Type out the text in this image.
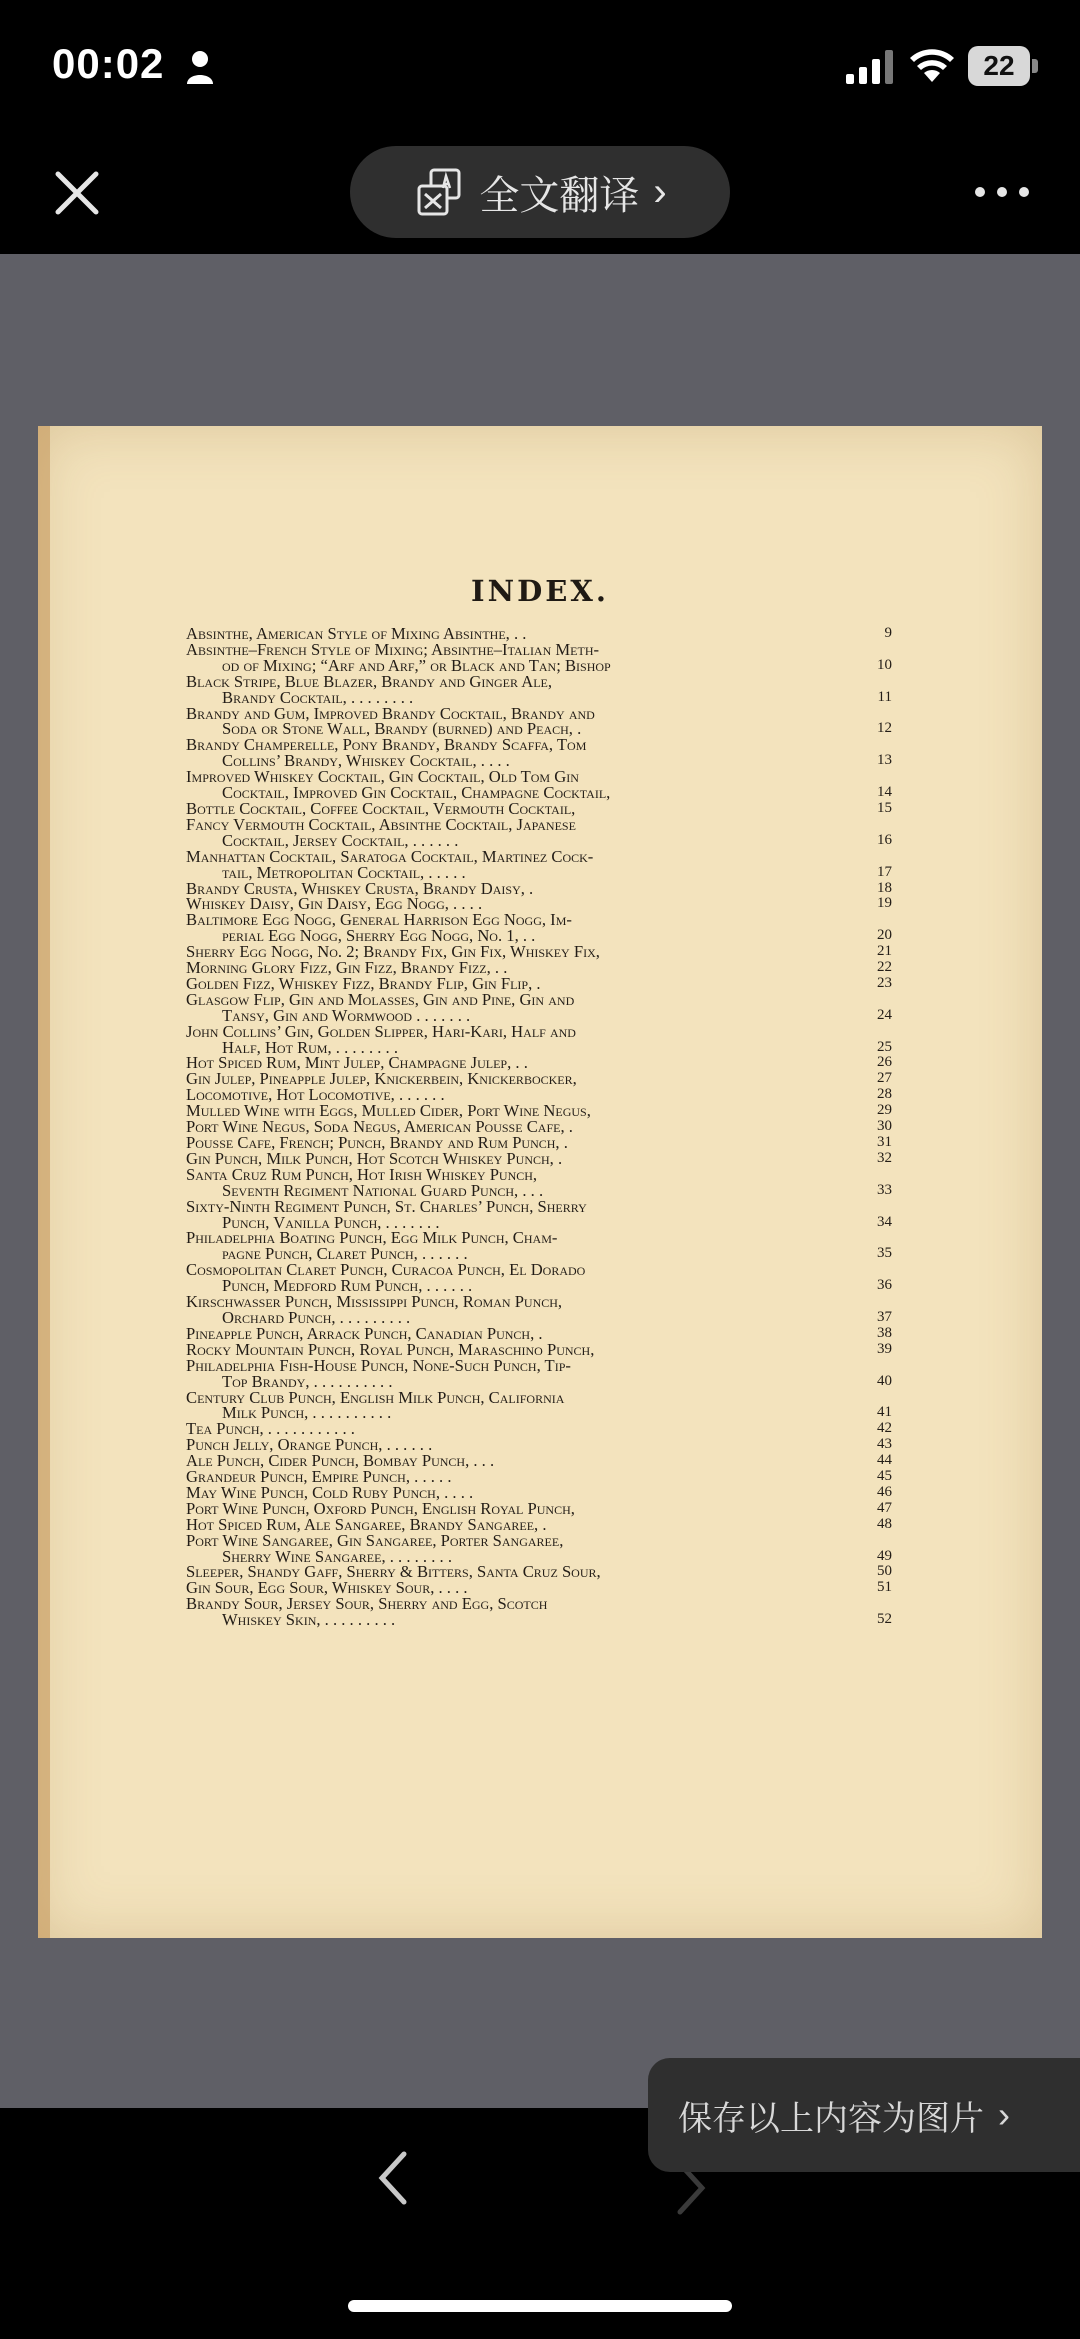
00:02	22
全文翻译 ›
INDEX.
Absinthe, American Style of Mixing Absinthe, . .	9
Absinthe–French Style of Mixing; Absinthe–Italian Meth-
od of Mixing; “Arf and Arf,” or Black and Tan; Bishop	10
Black Stripe, Blue Blazer, Brandy and Ginger Ale,
Brandy Cocktail, . . . . . . . .	11
Brandy and Gum, Improved Brandy Cocktail, Brandy and
Soda or Stone Wall, Brandy (burned) and Peach, .	12
Brandy Champerelle, Pony Brandy, Brandy Scaffa, Tom
Collins’ Brandy, Whiskey Cocktail, . . . .	13
Improved Whiskey Cocktail, Gin Cocktail, Old Tom Gin
Cocktail, Improved Gin Cocktail, Champagne Cocktail,	14
Bottle Cocktail, Coffee Cocktail, Vermouth Cocktail,	15
Fancy Vermouth Cocktail, Absinthe Cocktail, Japanese
Cocktail, Jersey Cocktail, . . . . . .	16
Manhattan Cocktail, Saratoga Cocktail, Martinez Cock-
tail, Metropolitan Cocktail, . . . . .	17
Brandy Crusta, Whiskey Crusta, Brandy Daisy, .	18
Whiskey Daisy, Gin Daisy, Egg Nogg, . . . .	19
Baltimore Egg Nogg, General Harrison Egg Nogg, Im-
perial Egg Nogg, Sherry Egg Nogg, No. 1, . .	20
Sherry Egg Nogg, No. 2; Brandy Fix, Gin Fix, Whiskey Fix,	21
Morning Glory Fizz, Gin Fizz, Brandy Fizz, . .	22
Golden Fizz, Whiskey Fizz, Brandy Flip, Gin Flip, .	23
Glasgow Flip, Gin and Molasses, Gin and Pine, Gin and
Tansy, Gin and Wormwood . . . . . . .	24
John Collins’ Gin, Golden Slipper, Hari-Kari, Half and
Half, Hot Rum, . . . . . . . .	25
Hot Spiced Rum, Mint Julep, Champagne Julep, . .	26
Gin Julep, Pineapple Julep, Knickerbein, Knickerbocker,	27
Locomotive, Hot Locomotive, . . . . . .	28
Mulled Wine with Eggs, Mulled Cider, Port Wine Negus,	29
Port Wine Negus, Soda Negus, American Pousse Cafe, .	30
Pousse Cafe, French; Punch, Brandy and Rum Punch, .	31
Gin Punch, Milk Punch, Hot Scotch Whiskey Punch, .	32
Santa Cruz Rum Punch, Hot Irish Whiskey Punch,
Seventh Regiment National Guard Punch, . . .	33
Sixty-Ninth Regiment Punch, St. Charles’ Punch, Sherry
Punch, Vanilla Punch, . . . . . . .	34
Philadelphia Boating Punch, Egg Milk Punch, Cham-
pagne Punch, Claret Punch, . . . . . .	35
Cosmopolitan Claret Punch, Curacoa Punch, El Dorado
Punch, Medford Rum Punch, . . . . . .	36
Kirschwasser Punch, Mississippi Punch, Roman Punch,
Orchard Punch, . . . . . . . . .	37
Pineapple Punch, Arrack Punch, Canadian Punch, .	38
Rocky Mountain Punch, Royal Punch, Maraschino Punch,	39
Philadelphia Fish-House Punch, None-Such Punch, Tip-
Top Brandy, . . . . . . . . . .	40
Century Club Punch, English Milk Punch, California
Milk Punch, . . . . . . . . . .	41
Tea Punch, . . . . . . . . . . .	42
Punch Jelly, Orange Punch, . . . . . .	43
Ale Punch, Cider Punch, Bombay Punch, . . .	44
Grandeur Punch, Empire Punch, . . . . .	45
May Wine Punch, Cold Ruby Punch, . . . .	46
Port Wine Punch, Oxford Punch, English Royal Punch,	47
Hot Spiced Rum, Ale Sangaree, Brandy Sangaree, .	48
Port Wine Sangaree, Gin Sangaree, Porter Sangaree,
Sherry Wine Sangaree, . . . . . . . .	49
Sleeper, Shandy Gaff, Sherry & Bitters, Santa Cruz Sour,	50
Gin Sour, Egg Sour, Whiskey Sour, . . . .	51
Brandy Sour, Jersey Sour, Sherry and Egg, Scotch
Whiskey Skin, . . . . . . . . .	52
保存以上内容为图片 ›
